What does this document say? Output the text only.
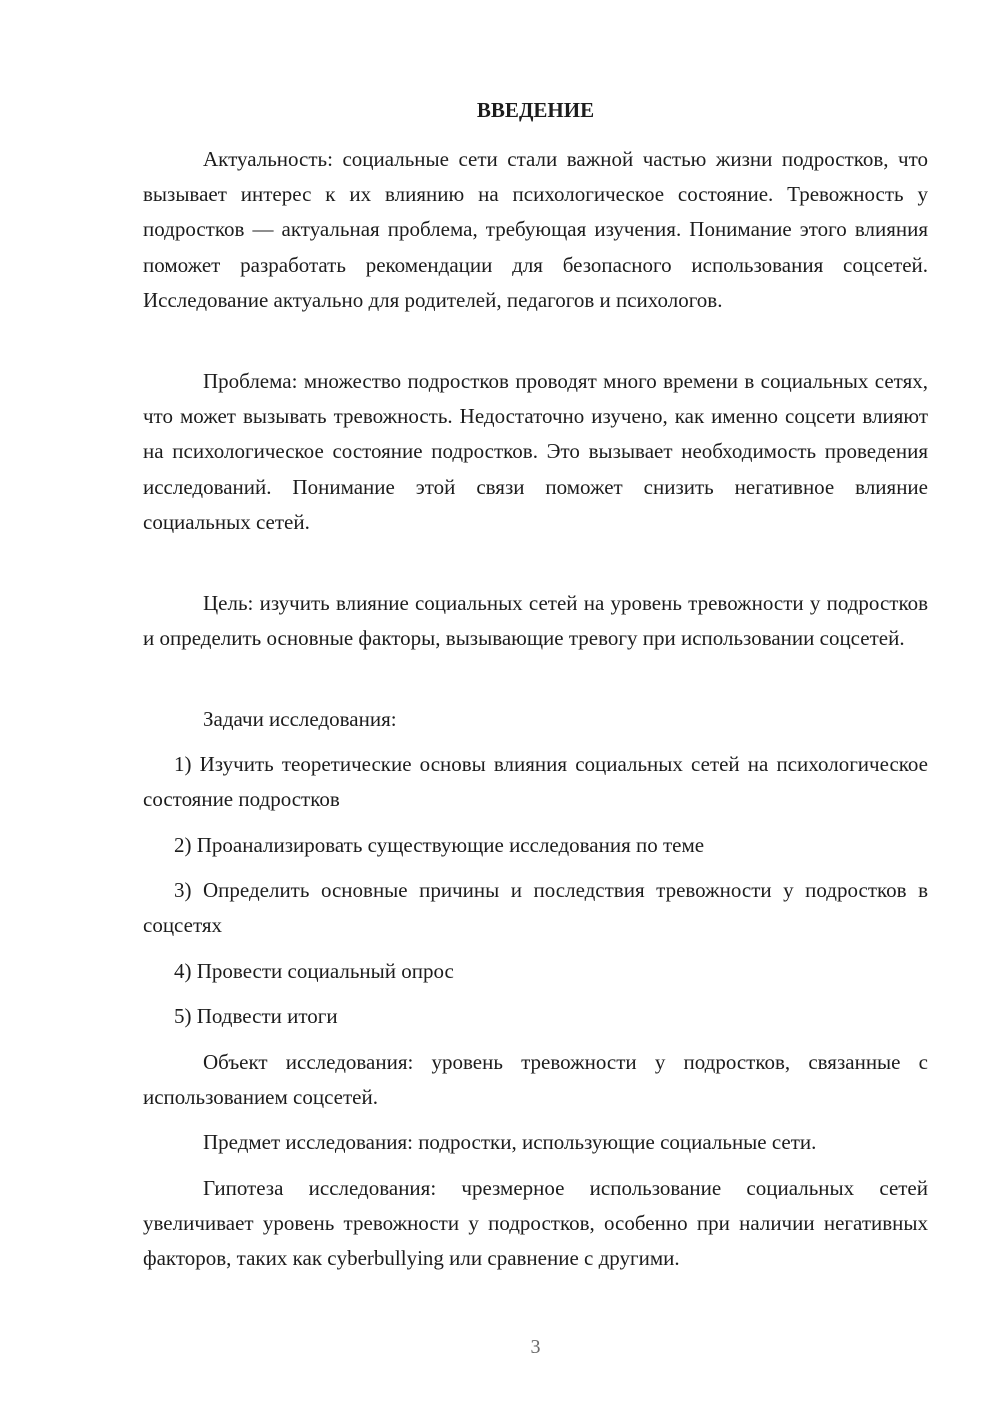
ВВЕДЕНИЕ

Актуальность: социальные сети стали важной частью жизни подростков, что вызывает интерес к их влиянию на психологическое состояние. Тревожность у подростков — актуальная проблема, требующая изучения. Понимание этого влияния поможет разработать рекомендации для безопасного использования соцсетей. Исследование актуально для родителей, педагогов и психологов.

Проблема: множество подростков проводят много времени в социальных сетях, что может вызывать тревожность. Недостаточно изучено, как именно соцсети влияют на психологическое состояние подростков. Это вызывает необходимость проведения исследований. Понимание этой связи поможет снизить негативное влияние социальных сетей.

Цель: изучить влияние социальных сетей на уровень тревожности у подростков и определить основные факторы, вызывающие тревогу при использовании соцсетей.

Задачи исследования:

1) Изучить теоретические основы влияния социальных сетей на психологическое состояние подростков

2) Проанализировать существующие исследования по теме

3) Определить основные причины и последствия тревожности у подростков в соцсетях

4) Провести социальный опрос

5) Подвести итоги

Объект исследования: уровень тревожности у подростков, связанные с использованием соцсетей.

Предмет исследования: подростки, использующие социальные сети.

Гипотеза исследования: чрезмерное использование социальных сетей увеличивает уровень тревожности у подростков, особенно при наличии негативных факторов, таких как cyberbullying или сравнение с другими.

3
